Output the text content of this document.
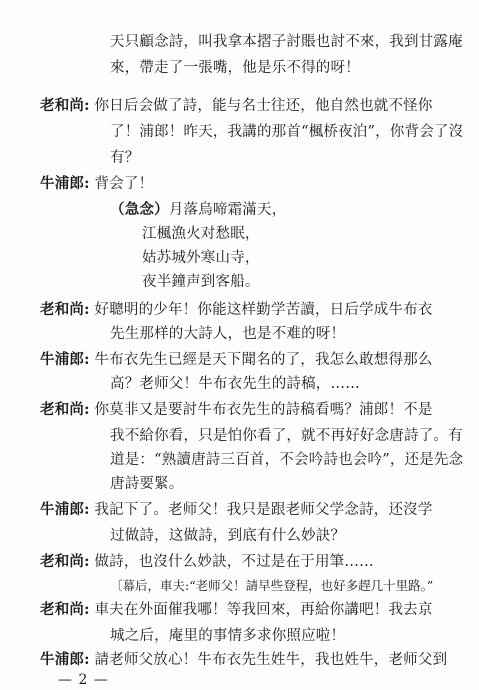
天只顧念詩，叫我拿本摺子討賬也討不來，我到甘露庵
來，帶走了一張嘴，他是乐不得的呀！
老和尚: 你日后会做了詩，能与名士往还，他自然也就不怪你
了！浦郎！昨天，我講的那首“楓桥夜泊”，你背会了沒
有？
牛浦郎: 背会了！
（急念）月落烏啼霜滿天，
江楓漁火对愁眠，
姑苏城外寒山寺，
夜半鐘声到客船。
老和尚: 好聰明的少年！你能这样勤学苦讀，日后学成牛布衣
先生那样的大詩人，也是不难的呀！
牛浦郎: 牛布衣先生已經是天下聞名的了，我怎么敢想得那么
高？老师父！牛布衣先生的詩稿，……
老和尚: 你莫非又是要討牛布衣先生的詩稿看嗎？浦郎！不是
我不給你看，只是怕你看了，就不再好好念唐詩了。有
道是：“熟讀唐詩三百首，不会吟詩也会吟”，还是先念
唐詩要緊。
牛浦郎: 我記下了。老师父！我只是跟老师父学念詩，还沒学
过做詩，这做詩，到底有什么妙訣？
老和尚: 做詩，也沒什么妙訣，不过是在于用筆……
〔幕后，車夫:“老师父！請早些登程，也好多趕几十里路。”
老和尚: 車夫在外面催我哪！等我回來，再給你講吧！我去京
城之后，庵里的事情多求你照应啦！
牛浦郎: 請老师父放心！牛布衣先生姓牛，我也姓牛，老师父到
— 2 —
